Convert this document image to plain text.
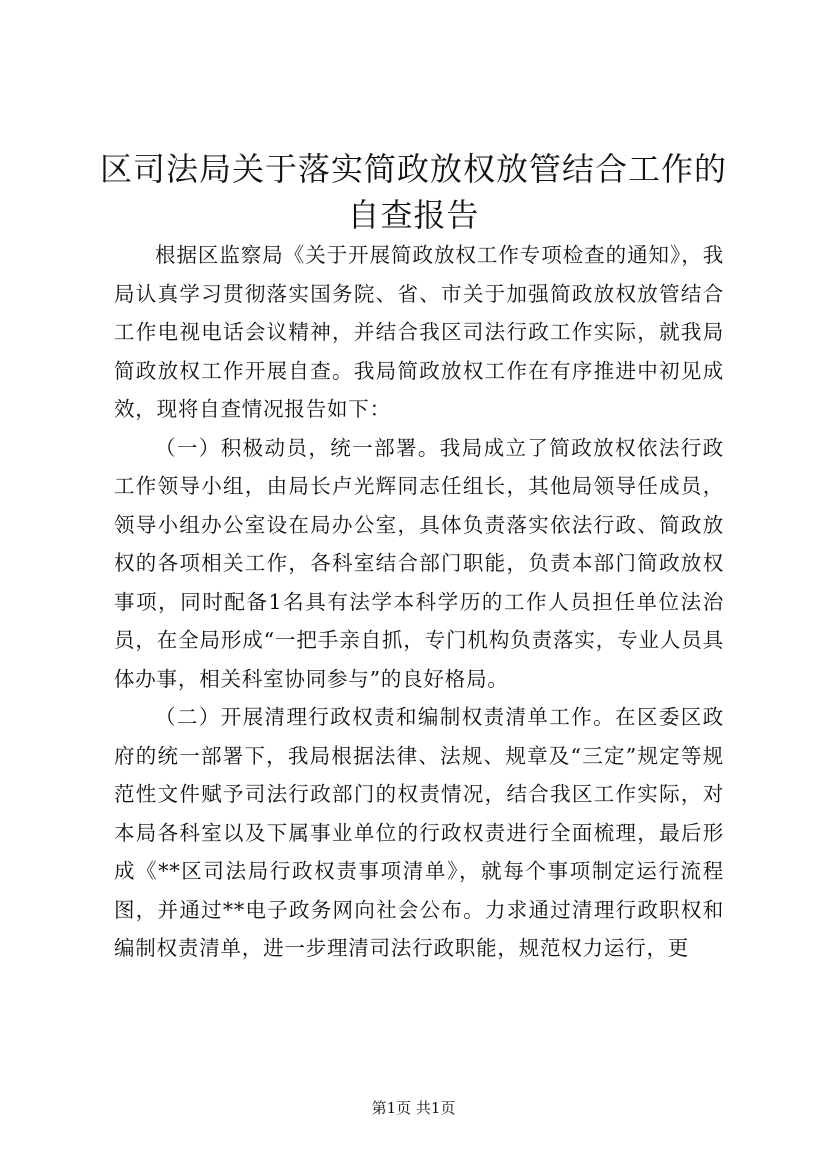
区司法局关于落实简政放权放管结合工作的自查报告

根据区监察局《关于开展简政放权工作专项检查的通知》，我局认真学习贯彻落实国务院、省、市关于加强简政放权放管结合工作电视电话会议精神，并结合我区司法行政工作实际，就我局简政放权工作开展自查。我局简政放权工作在有序推进中初见成效，现将自查情况报告如下：

（一）积极动员，统一部署。我局成立了简政放权依法行政工作领导小组，由局长卢光辉同志任组长，其他局领导任成员，领导小组办公室设在局办公室，具体负责落实依法行政、简政放权的各项相关工作，各科室结合部门职能，负责本部门简政放权事项，同时配备1名具有法学本科学历的工作人员担任单位法治员，在全局形成“一把手亲自抓，专门机构负责落实，专业人员具体办事，相关科室协同参与”的良好格局。

（二）开展清理行政权责和编制权责清单工作。在区委区政府的统一部署下，我局根据法律、法规、规章及“三定”规定等规范性文件赋予司法行政部门的权责情况，结合我区工作实际，对本局各科室以及下属事业单位的行政权责进行全面梳理，最后形成《**区司法局行政权责事项清单》，就每个事项制定运行流程图，并通过**电子政务网向社会公布。力求通过清理行政职权和编制权责清单，进一步理清司法行政职能，规范权力运行，更

第1页 共1页
